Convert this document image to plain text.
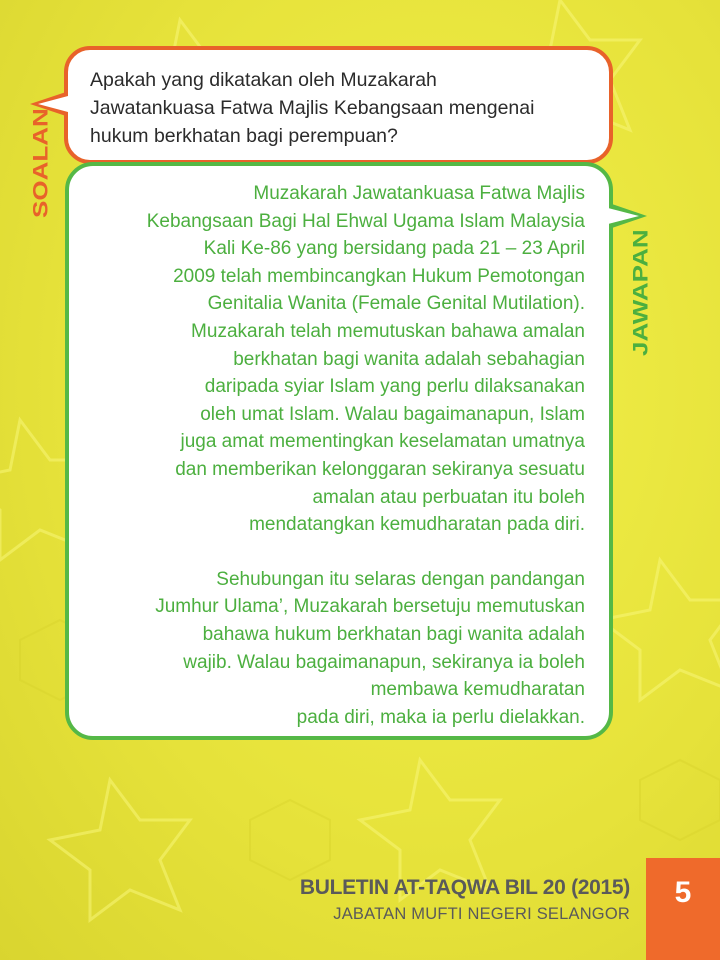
Apakah yang dikatakan oleh Muzakarah
Jawatankuasa Fatwa Majlis Kebangsaan mengenai
hukum berkhatan bagi perempuan?
SOALAN	Muzakarah Jawatankuasa Fatwa Majlis
Kebangsaan Bagi Hal Ehwal Ugama Islam Malaysia
Kali Ke-86 yang bersidang pada 21 – 23 April
2009 telah membincangkan Hukum Pemotongan
Genitalia Wanita (Female Genital Mutilation).
Muzakarah telah memutuskan bahawa amalan
berkhatan bagi wanita adalah sebahagian
daripada syiar Islam yang perlu dilaksanakan
oleh umat Islam. Walau bagaimanapun, Islam
juga amat mementingkan keselamatan umatnya
dan memberikan kelonggaran sekiranya sesuatu
amalan atau perbuatan itu boleh
mendatangkan kemudharatan pada diri.
Sehubungan itu selaras dengan pandangan
Jumhur Ulama’, Muzakarah bersetuju memutuskan
bahawa hukum berkhatan bagi wanita adalah
wajib. Walau bagaimanapun, sekiranya ia boleh
membawa kemudharatan
pada diri, maka ia perlu dielakkan.
JAWAPAN
BULETIN AT-TAQWA BIL 20 (2015)
JABATAN MUFTI NEGERI SELANGOR
5
